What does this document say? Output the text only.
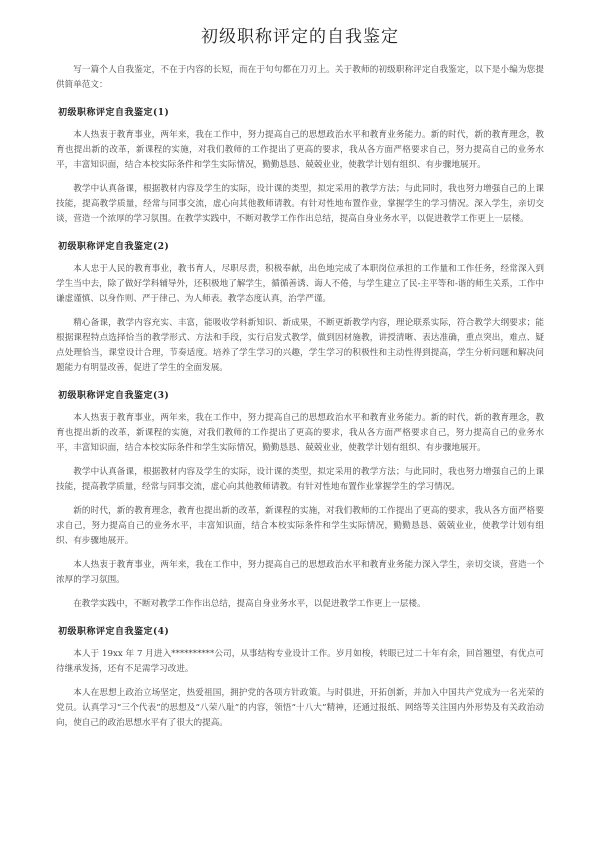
初级职称评定的自我鉴定

写一篇个人自我鉴定，不在于内容的长短，而在于句句都在刀刃上。关于教师的初级职称评定自我鉴定，以下是小编为您提供简单范文：

初级职称评定自我鉴定(1)

本人热衷于教育事业，两年来，我在工作中，努力提高自己的思想政治水平和教育业务能力。新的时代，新的教育理念，教育也提出新的改革，新课程的实施，对我们教师的工作提出了更高的要求，我从各方面严格要求自己，努力提高自己的业务水平，丰富知识面，结合本校实际条件和学生实际情况，勤勤恳恳、兢兢业业，使教学计划有组织、有步骤地展开。

教学中认真备课，根据教材内容及学生的实际，设计课的类型，拟定采用的教学方法；与此同时，我也努力增强自己的上课技能，提高教学质量，经常与同事交流，虚心向其他教师请教。有针对性地布置作业，掌握学生的学习情况。深入学生，亲切交谈，营造一个浓厚的学习氛围。在教学实践中，不断对教学工作作出总结，提高自身业务水平，以促进教学工作更上一层楼。

初级职称评定自我鉴定(2)

本人忠于人民的教育事业，教书育人，尽职尽责，积极奉献，出色地完成了本职岗位承担的工作量和工作任务，经常深入到学生当中去，除了做好学科辅导外，还积极地了解学生，循循善诱、诲人不倦，与学生建立了民-主平等和-谐的师生关系，工作中谦虚谨慎、以身作则、严于律己、为人师表。教学态度认真，治学严谨。

精心备课，教学内容充实、丰富，能吸收学科新知识、新成果，不断更新教学内容，理论联系实际，符合教学大纲要求；能根据课程特点选择恰当的教学形式、方法和手段，实行启发式教学，做到因材施教，讲授清晰、表达准确，重点突出，难点、疑点处理恰当，课堂设计合理，节奏适度。培养了学生学习的兴趣，学生学习的积极性和主动性得到提高，学生分析问题和解决问题能力有明显改善，促进了学生的全面发展。

初级职称评定自我鉴定(3)

本人热衷于教育事业，两年来，我在工作中，努力提高自己的思想政治水平和教育业务能力。新的时代，新的教育理念，教育也提出新的改革，新课程的实施，对我们教师的工作提出了更高的要求，我从各方面严格要求自己，努力提高自己的业务水平，丰富知识面，结合本校实际条件和学生实际情况，勤勤恳恳、兢兢业业，使教学计划有组织、有步骤地展开。

教学中认真备课，根据教材内容及学生的实际，设计课的类型，拟定采用的教学方法；与此同时，我也努力增强自己的上课技能，提高教学质量，经常与同事交流，虚心向其他教师请教。有针对性地布置作业掌握学生的学习情况。

新的时代，新的教育理念，教育也提出新的改革，新课程的实施，对我们教师的工作提出了更高的要求，我从各方面严格要求自己，努力提高自己的业务水平，丰富知识面，结合本校实际条件和学生实际情况，勤勤恳恳、兢兢业业，使教学计划有组织、有步骤地展开。

本人热衷于教育事业，两年来，我在工作中，努力提高自己的思想政治水平和教育业务能力深入学生，亲切交谈，营造一个浓厚的学习氛围。

在教学实践中，不断对教学工作作出总结，提高自身业务水平，以促进教学工作更上一层楼。

初级职称评定自我鉴定(4)

本人于 19xx 年 7 月进入**********公司，从事结构专业设计工作。岁月如梭，转眼已过二十年有余，回首翘望，有优点可待继承发扬，还有不足需学习改进。

本人在思想上政治立场坚定，热爱祖国，拥护党的各项方针政策。与时俱进，开拓创新，并加入中国共产党成为一名光荣的党员。认真学习“三个代表”的思想及“八荣八耻”的内容，领悟“十八大”精神，还通过报纸、网络等关注国内外形势及有关政治动向，使自己的政治思想水平有了很大的提高。
